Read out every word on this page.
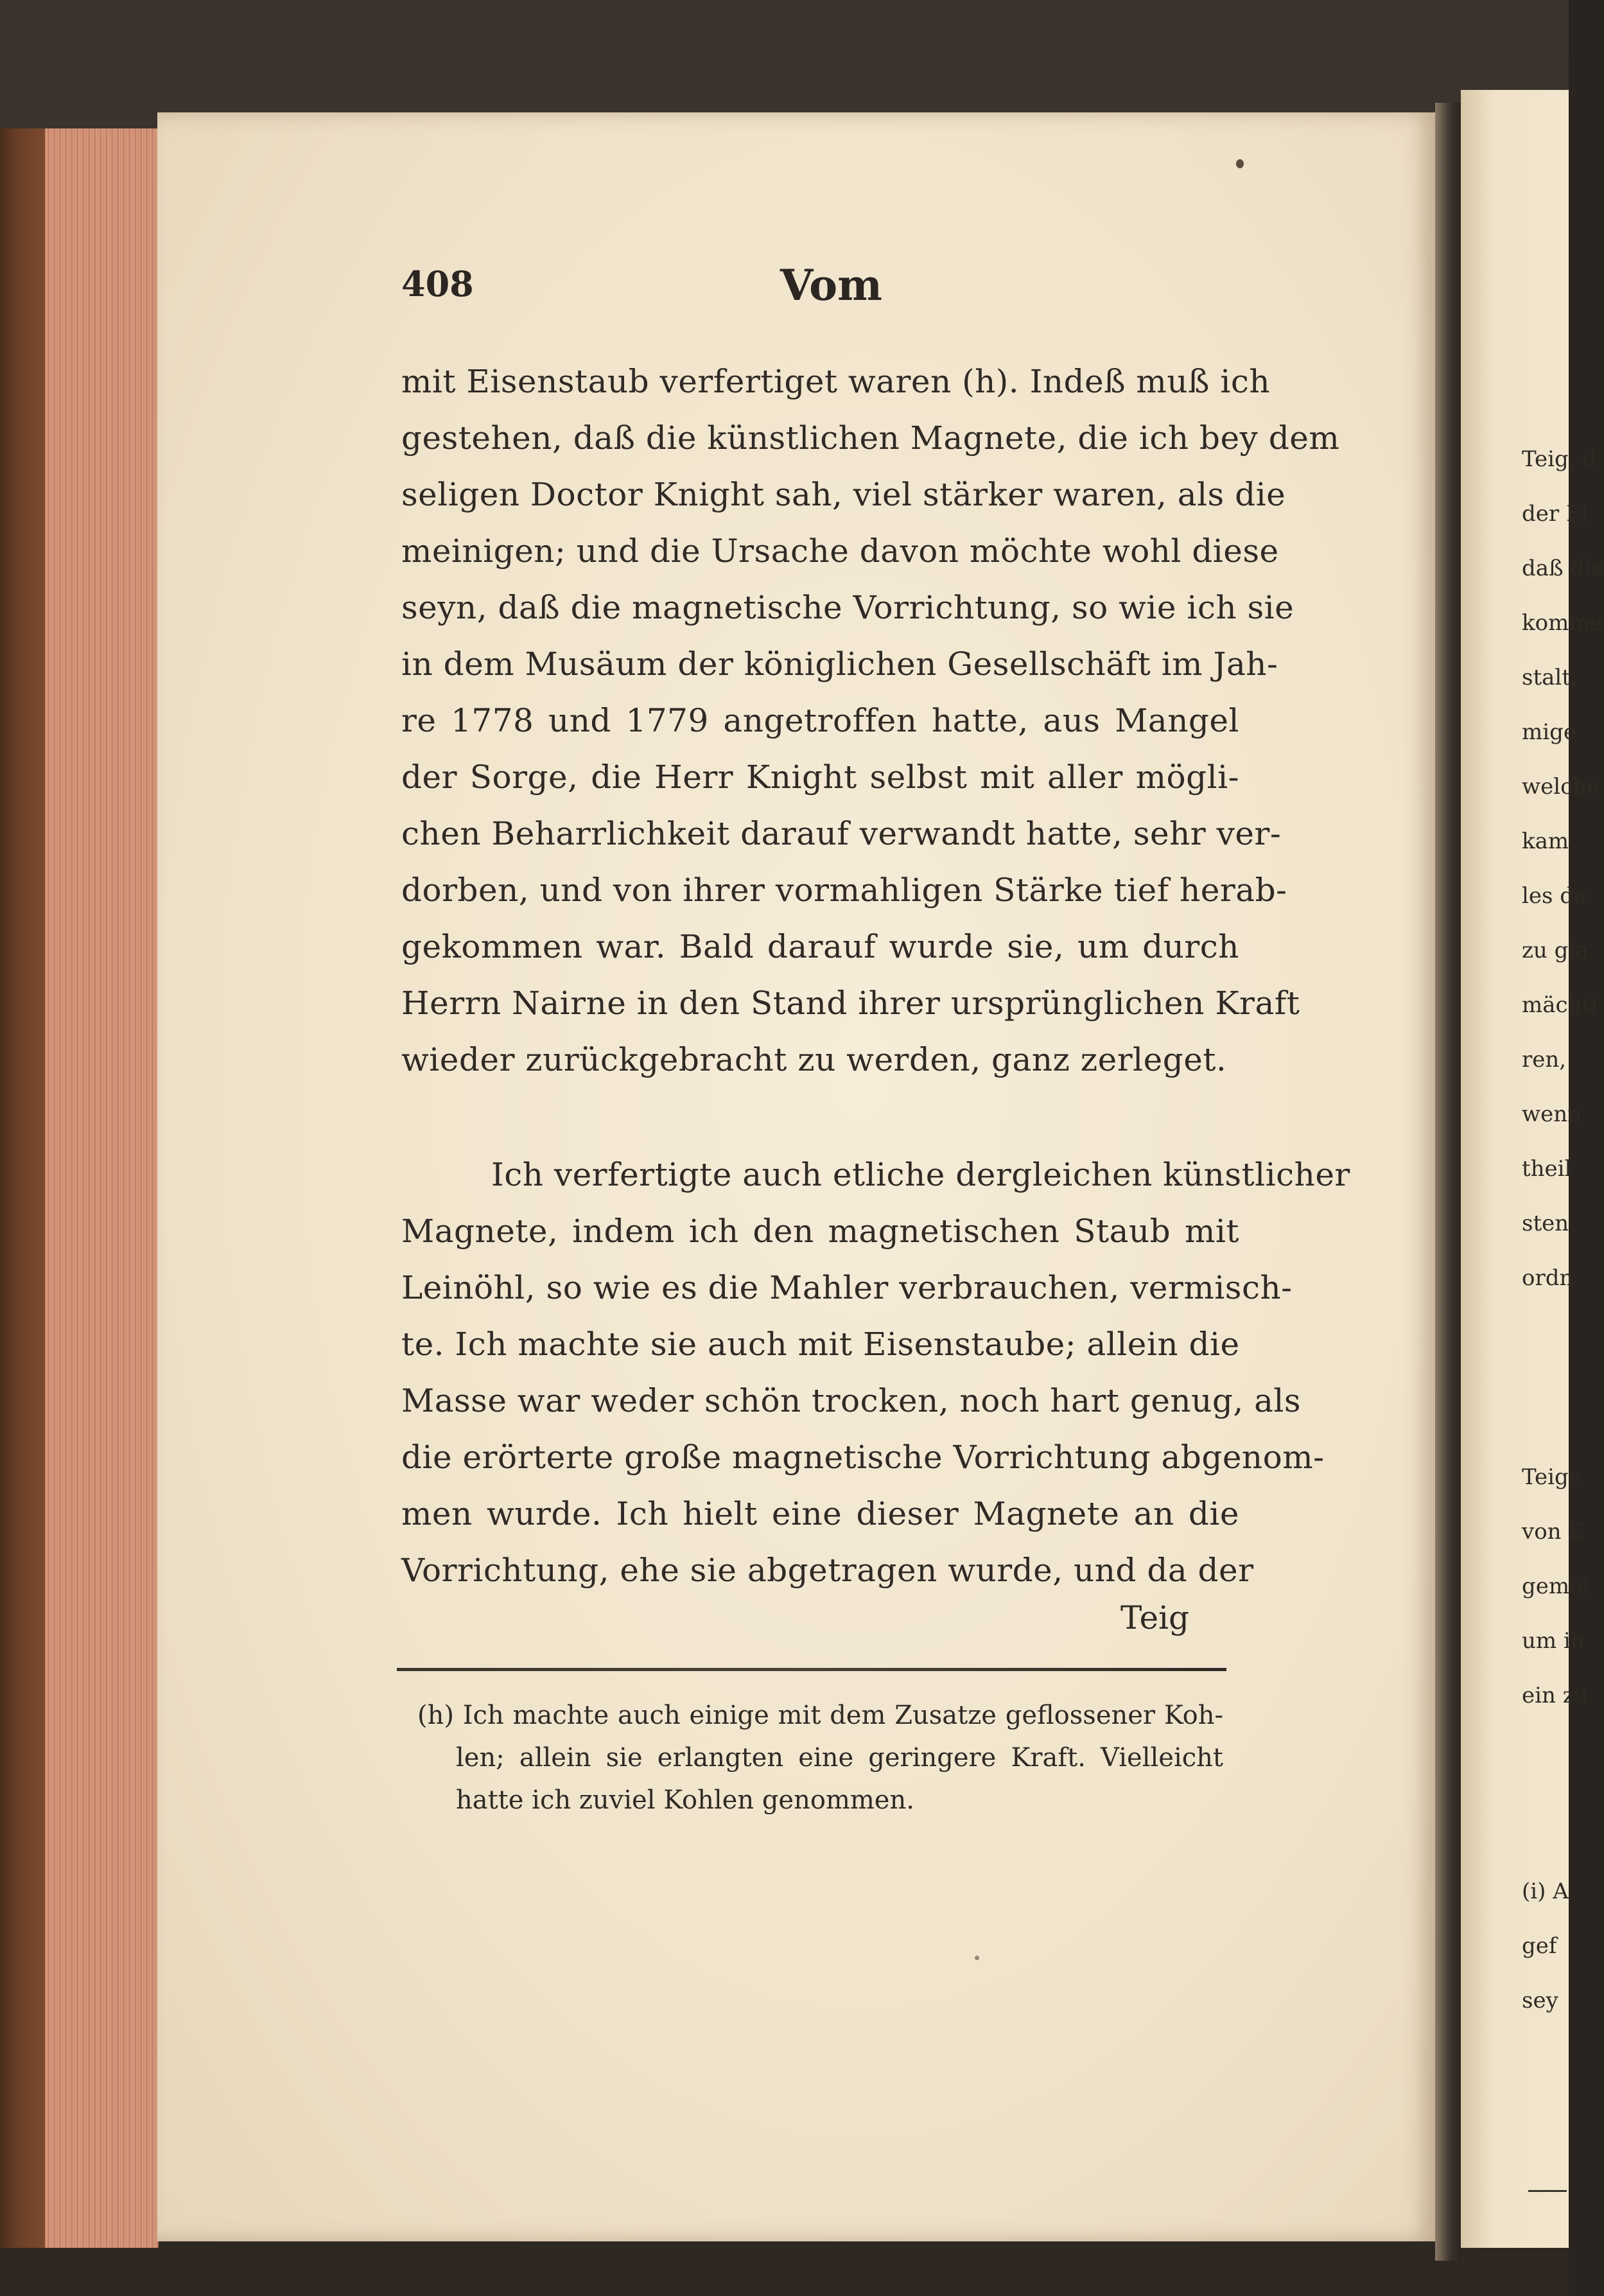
Teig, d
der Fl
daß die
komme
stalt,
mige
welche
kam
les de
zu gla
mächti
ren,
wenn
theil
sten
ordn
Teige
von E
gemei
um ih
ein zu
(i) A
gef
sey
408	Vom
mit Eisenstaub verfertiget waren (h). Indeß muß ich
gestehen, daß die künstlichen Magnete, die ich bey dem
seligen Doctor Knight sah, viel stärker waren, als die
meinigen; und die Ursache davon möchte wohl diese
seyn, daß die magnetische Vorrichtung, so wie ich sie
in dem Musäum der königlichen Gesellschäft im Jah-
re 1778 und 1779 angetroffen hatte, aus Mangel
der Sorge, die Herr Knight selbst mit aller mögli-
chen Beharrlichkeit darauf verwandt hatte, sehr ver-
dorben, und von ihrer vormahligen Stärke tief herab-
gekommen war. Bald darauf wurde sie, um durch
Herrn Nairne in den Stand ihrer ursprünglichen Kraft
wieder zurückgebracht zu werden, ganz zerleget.
Ich verfertigte auch etliche dergleichen künstlicher
Magnete, indem ich den magnetischen Staub mit
Leinöhl, so wie es die Mahler verbrauchen, vermisch-
te. Ich machte sie auch mit Eisenstaube; allein die
Masse war weder schön trocken, noch hart genug, als
die erörterte große magnetische Vorrichtung abgenom-
men wurde. Ich hielt eine dieser Magnete an die
Vorrichtung, ehe sie abgetragen wurde, und da der
Teig
(h) Ich machte auch einige mit dem Zusatze geflossener Koh-
len; allein sie erlangten eine geringere Kraft. Vielleicht
hatte ich zuviel Kohlen genommen.
